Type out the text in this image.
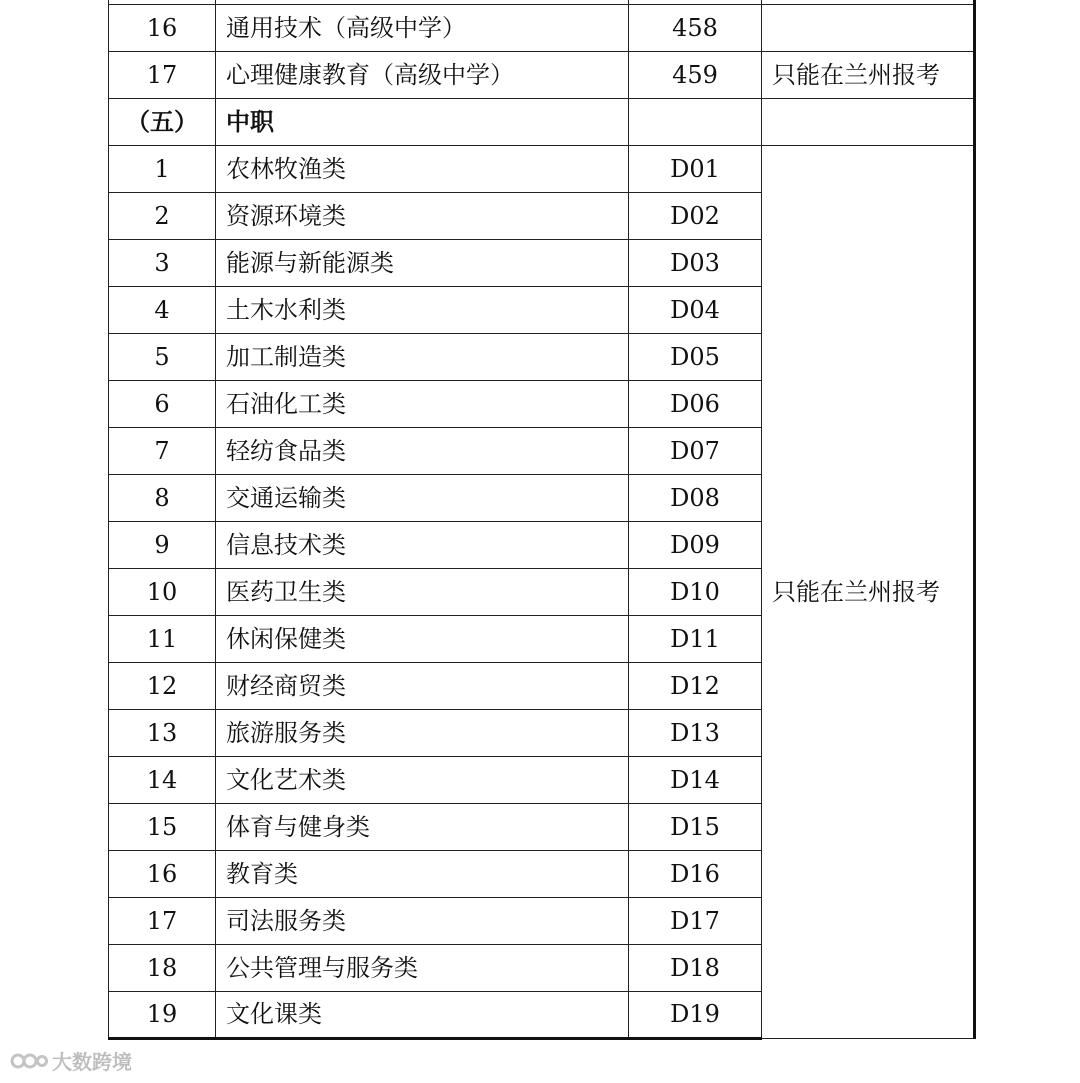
16	通用技术（高级中学）	458	
17	心理健康教育（高级中学）	459	只能在兰州报考
（五）	中职		
1	农林牧渔类	D01	只能在兰州报考
2	资源环境类	D02	
3	能源与新能源类	D03	
4	土木水利类	D04	
5	加工制造类	D05	
6	石油化工类	D06	
7	轻纺食品类	D07	
8	交通运输类	D08	
9	信息技术类	D09	
10	医药卫生类	D10	
11	休闲保健类	D11	
12	财经商贸类	D12	
13	旅游服务类	D13	
14	文化艺术类	D14	
15	体育与健身类	D15	
16	教育类	D16	
17	司法服务类	D17	
18	公共管理与服务类	D18	
19	文化课类	D19	
大数跨境
